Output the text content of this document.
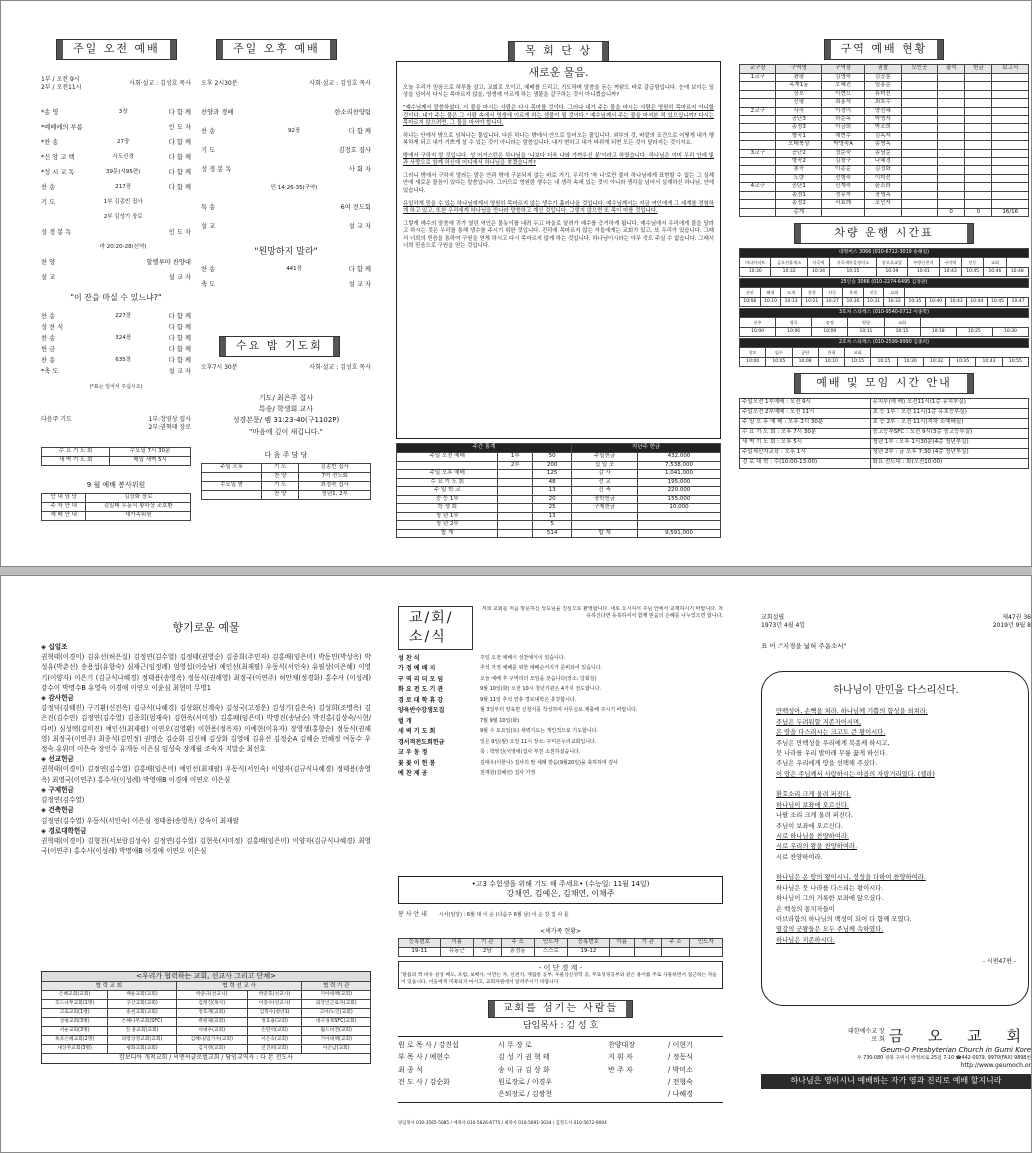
주일 오전 예배	주일 오후 예배
1부 / 오전 9시
2부 / 오전11시
사회·설교 : 김성호 목사 오후 2시30분	사회·설교 : 김성호 목사
*송 영	3장	다 함 께
*예배에의 부름	인 도 자
*찬 송	27장	다 함 께
*신 앙 고 백	사도신경	다 함 께
*성 시 교 독	39문(시95편)	다 함 께
찬 송	217장	다 함 께
기 도	1부 김종빈 집사
2부 김성기 장로
성 경 봉 독	인 도 자
마 20:20-28(신약)
찬 양	할렐루야 찬양대
설 교	설 교 자
"이 잔을 마실 수 있느냐?"
찬 송	227장	다 함 께
성 찬 식	다 함 께
찬 송	324장	다 함 께
헌 금	다 함 께
찬 송	635장	다 함 께
*축 도	설 교 자
(*표는 일어서 주십시오)
찬양과 경배	한소리찬양팀
찬 송	92장	다 함 께
기 도	김정호 집사
성 경 봉 독	사 회 자
민 14:26-35(구약)
특 송	6여 전도회
설 교	설 교 자
"원망하지 말라"
찬 송	441장	다 함 께
축 도	설 교 자
수요 밤 기도회
오후7시 30분	사회·설교 : 김성호 목사
기도/ 최은주 집사
특송/ 학생회 교사
성경본문/ 렘 31:23-40(구1102P)
"마음에 깊이 새깁니다."
다음주 기도	1부:장영상 집사
2부:권혁태 장로
수 요 기 도 회	수요일 7시 30분
새 벽 기 도 회	매일 새벽 5시
9 월 예배 봉사위원
안 내 담 당	김상화 장로
주 차 안 내	김일태 우동식 황하상 조호환
예 배 안 내	새가족위원
다 음 주 담 당
주일 오후	기 도	김종빈 집사
	찬 양	7여 전도회
수요일 밤	기 도	최정숙 집사
	찬 양	청년1, 2부
목 회 단 상
새로운 물음.

오늘 우리가 믿음으로 하루를 살고, 교회로 모이고, 예배를 드리고, 기도하며 말씀을 듣는 까닭도 바로 갈급함입니다. 눈에 보이는 일상을 넘어서 다시는 목마르지 않을, 영생에 이르게 하는 샘물을 갈구하는 것이 아니겠습니까?

"예수님께서 말씀하셨다. 이 물을 마시는 사람은 다시 목마를 것이다. 그러나 내가 주는 물을 마시는 사람은 영원히 목마르지 아니할 것이다. 내가 주는 물은 그 사람 속에서 영생에 이르게 하는 샘물이 될 것이다." 예수님께서 주는 물을 마셔본 적 있으십니까? 다시는 목마르지 않으려면, 그 물을 마셔야 합니다.

하나는 안에서 밖으로 넘쳐나는 물입니다. 다른 하나는 밖에서 안으로 들어오는 물입니다. 외부의 것, 바깥의 조건으로 어떻게 내가 행복하게 되고 내가 기쁘게 살 수 있는 것이 아니라는 말씀입니다. 내가 변하고 내가 바뀌게 되면 모든 것이 달라지는 것이지요.

밖에서 구하지 말 것입니다. 성 어거스틴은 하나님을 '나보다 더욱 나와 가까우신 분'이라고 하였습니다. 하나님은 이미 우리 안에 빛과 사랑으로 함께 하신데 어디에서 하나님을 찾겠습니까?

그러니 밖에서 구하지 말라는 말은 안과 밖에 구분되지 않는 바로 거기, 우리가 '착 나'로만 불어 하나님에게 표현할 수 없는 그 실제 안에 새로운 물음이 있다는 말씀입니다. 그러므로 영원한 생수는 내 생각 속에 있는 것이 아니라 생각을 넘어서 실재하신 하나님, 안에 있습니다.

유일하게 믿을 수 있는 하나님에게서 영원히 목마르지 않는 생수가 흘러나올 것입니다. 예수님께서는 지금 여인에게 그 세계를 경험하게 하고 있고, 또한 우리에게 하나님을 만나라 말씀하고 계신 것입니다. 그렇지 않으면 또 목이 마를 것입니다.

그렇게 예수의 말씀에 귀가 열린 여인은 물동이를 내려 두고 마을로 달려가 예수를 증거하게 됩니다. 예수님에서 우리에게 물을 달라고 하시는 것은 우리를 통해 생수를 주시기 위한 것입니다. 진리에 목마르지 않는 자들에게는 교회가 있고, 또 우리가 있습니다. 그래서 너희의 믿음을 통하여 구원을 얻게 하시고 다시 목마르지 않게 하는 것입니다. 하나님이시라는 아무 것도 주실 수 없습니다. 그래서 너희 믿음으로 구원을 얻는 것입니다.

주간 통계			지난주 헌금	
주일 오전 예배	1부	50	주일헌금	432,000
	2부	200	십 일 조	7,538,000
주일 오후 예배		125	감 사	1,041,000
수 요 기 도 회		48	선 교	195,000
주 일 학 교		13	건 축	220,000
중 등 1부		20	장학헌금	155,000
학 생 회		25	구제헌금	10,000
청 년 1부		13		
청 년 2부		5		
합 계		514	합 계	9,591,000
구역 예배 현황
교구장	구역명	구역장	권찰	모인곳	출석	헌금	보고서
1교구	광평	김영숙	김공분				
	옥계1동	오혜진	임흥순				
	상모	이현으	류미선				
	신평	최홍석	최호수				
2교구	사곡	이경이	양선혜				
	공단3	하순옥	박영자				
	송정3	이금희	박조희				
	형곡1	예현수	김옥자				
	오태북상	박영숙A	송명옥				
3교구	공단2	정순숙	송남순				
	형곡2	김창구	나혜경				
	봉곡	이종순	김정화				
	도량	전형숙	이미선				
4교구	공단1	신계숙	윤소라				
	송정1	정유자	장명옥				
	송정2	서효례	조민자				
	총계				0	0	16/16
차량 운행 시간표
대형버스 3066 (010-6712-3019 송해일)									
마디아파트	금오산휴게소	사곡역	사곡새마을정미소	상모초교앞	우방신천지	구미역	인동	교회	
10:30	10:32	10:34	10:35	10:39	10:41	10:43	10:45	10:46	10:48
25인승 3066 (010-2274-6495 김정관)													
선산	해평	도개	장천	산동	옥계	인동	교회						
10:08	10:10	10:13	10:21	10:27	10:30	10:31	10:33	10:35	10:40	10:43	10:44	10:45	10:47
3호차 스타렉스 (010-9540-0712 이종학)							
선주	형곡	송정	원평	교회			
10:00	10:06	10:09	10:11	10:15	10:18	10:25	10:30
2호차 스타렉스 (010-2599-9990 김종희)										
상모	임수	공단	진평	교회						
10:00	10:05	10:08	10:10	10:15	10:25	10:30	10:32	10:35	10:43	10:55
예배 및 모임 시간 안내
주일오전 1부예배 : 오전 9시	유치부(예 배) 오전11시(1층 유치부실)
주일오전 2부예배 : 오전 11시	초 등 1부 : 오전 11시(1층 유초등부실)
주 일 오 후 예 배 : 오후 2시 30분	초 등 2부 : 오전 11시(지하 소예배실)
수 요 기 도 회 : 오후 7시 30분	중고등부SFC : 오전 9시(3층 중고등부실)
새 벽 기 도 회 : 오후 5시	청년 1부 : 오후 1시30분(4층 청년부실)
주일새신자교육 : 오후 1시	청년 2부 : 금 오후 7:30 (4층 청년부실)
경 로 대 학 : 수(10:00-13:00)	화요 전도대 : 화(오전10:00)
향기로운 예물
◈ 십일조
권혁태(이경이) 김유선(허은실) 김정연(김수열) 김정태(권영순) 김종희(주민자) 김홍배(임은미) 박동민(박상옥) 박성유(박춘선) 송용섭(유향숙) 심재근(임정례) 엄영섭(이승남) 예인선(최재팔) 우동식(서인숙) 유필상(이은혜) 이영기(이양자) 이은기 (김규식나혜경) 정태용(송영옥) 정동식(권해영) 최정국(이연주) 허만채(정경화) 홍수사 (이성례) 강수이 박명수B 유영숙 이경애 이연오 이윤심 최현미 무명1
◈ 감사헌금
강정덕(김혜진) 구기환(신진옥) 김규식(나혜경) 김상화(신계숙) 김성국(고정운) 김성기(김은숙) 김성희(조명옥) 김은진(김수연) 김정연(김수열) 김종희(엄재숙) 김현욱(서미정) 김홍배(임은미) 박명진(송남순) 박진홍(김상숙/시현/다비) 심성택(김미진) 예인선(최재팔) 이연오(김영환) 이현용(정옥자) 이예현(이유자) 장영생(홍향순) 정동식(권해영) 최정국(이연주) 최종석(김민정) 권명순 김순화 김신혜 김상화 김영애 김유선 김정순A 김혜순 안혜정 여동수 우정숙 유위미 이은숙 장인수 유개동 이은심 임성숙 장계월 조숙자 지말순 최선호
◈ 선교헌금
권혁태(이경이) 김정연(김수열) 김홍배(임은미) 예인선(최재팔) 우동식(서인숙) 이양자(김규식나혜경) 정태용(송영옥) 최영국(이연주) 홍수사(이성례) 박영애B 이경애 이연오 이은심
◈ 구제헌금
김정연(김수열)
◈ 건축헌금
김정연(김수열) 우동식(서인숙) 이은심 정태용(송영옥) 강숙이 최재팔
◈ 경로대학헌금
권혁태(이경이) 김형천(서보람김성숙) 김정연(김수열) 김현욱(서미정) 김홍배(임은미) 이양자(김규식나혜경) 최영국(이연주) 홍수사(이성례) 박명애B 이경애 이연오 이은심
<우리가 협력하는 교회, 선교사 그리고 단체>
협 력 교 회		협 력 선 교 사		협 력 기 관
은혜교회(교회)	백운교회(교회)	박준규(선교사)	박준호(선교사)	기아대책(교회)
흐드나무교회(1명)	구산교회(교회)	김래진(목사)	이충수(선교사)	외국인근로자(교회)
고로교회(1명)	송천교회(교회)	정호재(교회)	김학수(청년1)	고아/노인(교회)
상평교회(3명)	은혜나무교회(SFC)	박원제(교회)	정호용(교회)	대구경북SFC(교회)
서운교회(3명)	진 흥교회(교회)	서대우(교회)	손만석(교회)	월드비전(교회)
옥포은혜교회(2명)	의령상정교회(교회)	김혜나/임기수(교회)	서은숙(교회)	기아대책(교회)
새상주교회(3명)	평화교회(교회)	김지영(교회)	신진희(교회)	이은남(교회)
캄보디아 개척교회 / 씨앤씨글로벌교회 / 담임교역자 : 다 본 전도사
교/회/소/식
저희 교회를 처음 방문하신 성도님을 진심으로 환영합니다. 새로 오시셔서 주님 안에서 교제하시기 바랍니다. 처유하신다면 등록하셔서 함께 믿음의 은혜를 나누었으면 합니다.
성 찬 식	주일 오전 예배시 성찬예식이 있습니다.
가 정 예 배 지	추석 가정 예배를 위한 예배순서지가 준비되어 있습니다.
구 역 리 더 모 임	오늘 예배 후 구역리더 모임을 갖습니다(장소: 당회실)
화 요 전 도 기 관	9월 10일(화) 오전 10시 청년기관은 4가지 전도합니다.
경 로 대 학 휴 강	9월 11일 추석 연휴 경로대학은 휴강합니다.
양육반수강생모집	월 3일부터 양육반 신청서를 작성하여 사무실로 제출해 주시기 바랍니다.
벌 개	7월 9월 10일(화)
새 벽 기 도 회	9월 수 토요일(토) 새벽기도는 개인적으로 기도합니다.
경서적전도회헌금	일은 9일(월) 오전 11시 장소: 구미온누리교회입니다.
교 우 동 정	목 : 박영진(서영애)집사 부친 소천하셨습니다.
꽃 꽃 이 헌 봉	김태우(이한나) 집사의 딸 세례 받음(9월20일)을 축하하며 감사
예 찬 제 공	전재원(김혜선) 집사 가정
•고3 수험생을 위해 기도 해 주세요• (수능일: 11월 14일)
강채연, 김예은, 김채연, 이채주
봉 사 안 내 시사(임당) : 6월 대 이 순 (다음주 6월 남) 이 순 강 집 사 를
<새가족 현황>
등록번호	이름	기 관	주 소	인도자	등록번호	이름	기 관	주 소	인도자
19-11	유동근	2남	송정동	스스로	19-12				
- 이 단 경 계 -
'말씀의 짝 비유 살상 배도, 포럼, 보배사, 이만는 자, 신천지, 재림통 공부, 우물상신성학 공, 무료성경공부와 같은 용어를 주로 사용하면서 접근하는 자들이 있습니다. 이들에게 미혹되지 마시고, 교회차원에서 알려주시기 바랍니다
교회를 섬기는 사람들
담임목사 : 김 성 호
원 로 목 사 / 강진섭	시 무 장 로	찬양대장	/ 이현기
부 목 사 / 예현수	김 성 기 권 혁 태	지 휘 자	/ 정동식
최 종 석	송 이 규 김 상 화	반 주 자	/ 박미소
전 도 사 / 김순화	원로장로 / 이경우	/ 전형숙
은퇴장로 / 김쌍천	/ 나혜경
당임목사 010-3565-5085 / 예목사 010-5626-6775 / 최목사 010-5691-3034 / 김전도사 010-5672-9004
교회설립
1973년 4월 4일
제47권 36
2019년 9월 8
표 어 :"지경을 넓혀 주옵소서"
하나님이 만민을 다스리신다.
만백성아, 손뼉을 쳐라. 하나님께 기쁨의 함성을 외쳐라.
주님은 두려워할 지존자이시며,
온 땅을 다스리시는 크고도 큰 왕이시다.
주님은 만백성을 우리에게 복종케 하시고,
뭇 나라를 우리 발아래 무릎 꿇게 하신다.
주님은 우리에게 땅을 선택해 주셨다.
이 땅은 주님께서 사랑하시는 야곱의 자랑거리였다. (셀라)

환호소리 크게 울려 퍼진다.
하나님이 보좌에 오르신다.
나팔 소리 크게 울려 퍼진다.
주님이 보좌에 오르신다.
시로 하나님을 찬양하여라.
시로 우리의 왕을 찬양하여라.
시로 찬양하여라.

하나님은 온 땅의 왕이시니, 정성을 다하여 찬양하여라.
하나님은 뭇 나라를 다스리는 왕이시다.
하나님이 그의 거룩한 보좌에 앉으셨다.
온 백성의 통치자들이
아브라함의 하나님의 백성이 되어 다 함께 모였다.
열강의 군왕들은 모두 주님께 속하였다.
하나님은 지존하시다.
- 시편47편 -
대한예수교 장 로 회 금 오 교 회
Geum-O Presbyterian Church in Gumi Kore
우 730-080 경북 구미시 박정희로 25길 7-10 ☎442-0079, 9970(FAX) 9898번
http://www.geumoch.or
하나님은 영이시니 예배하는 자가 영과 진리로 예배 할지니라
